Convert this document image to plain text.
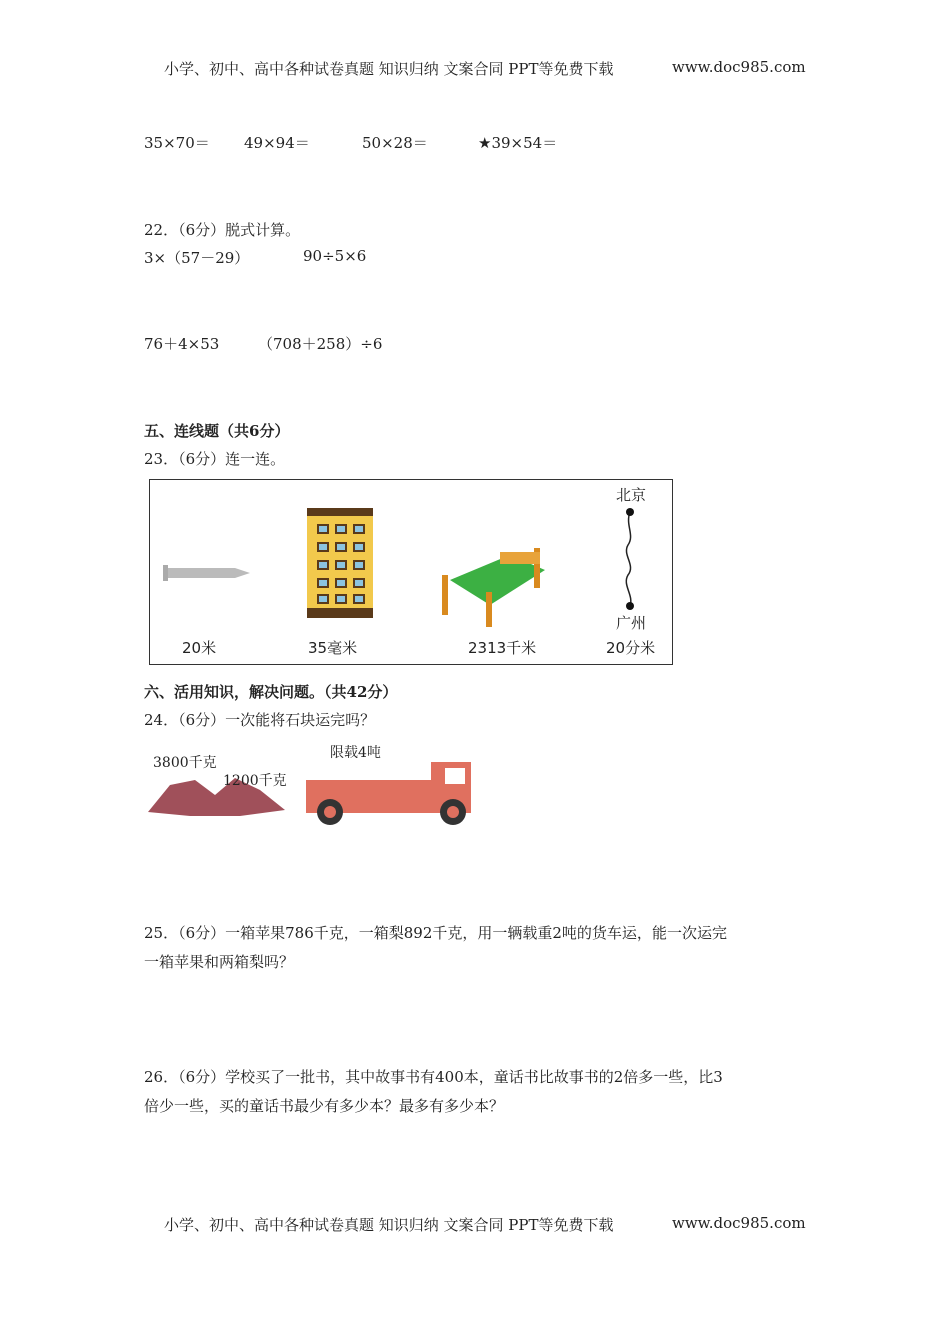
小学、初中、高中各种试卷真题 知识归纳 文案合同 PPT等免费下载	www.doc985.com
35×70＝ 49×94＝	50×28＝	★39×54＝
22．（6分）脱式计算。
3×（57－29）	90÷5×6
76＋4×53	（708＋258）÷6
五、连线题（共6分）
23．（6分）连一连。
北京
广州
20米	35毫米	2313千米	20分米
六、活用知识，解决问题。（共42分）
24．（6分）一次能将石块运完吗？
3800千克
1200千克
限载4吨
25．（6分）一箱苹果786千克，一箱梨892千克，用一辆载重2吨的货车运，能一次运完
一箱苹果和两箱梨吗？
26．（6分）学校买了一批书，其中故事书有400本，童话书比故事书的2倍多一些，比3
倍少一些，买的童话书最少有多少本？最多有多少本？
小学、初中、高中各种试卷真题 知识归纳 文案合同 PPT等免费下载	www.doc985.com
